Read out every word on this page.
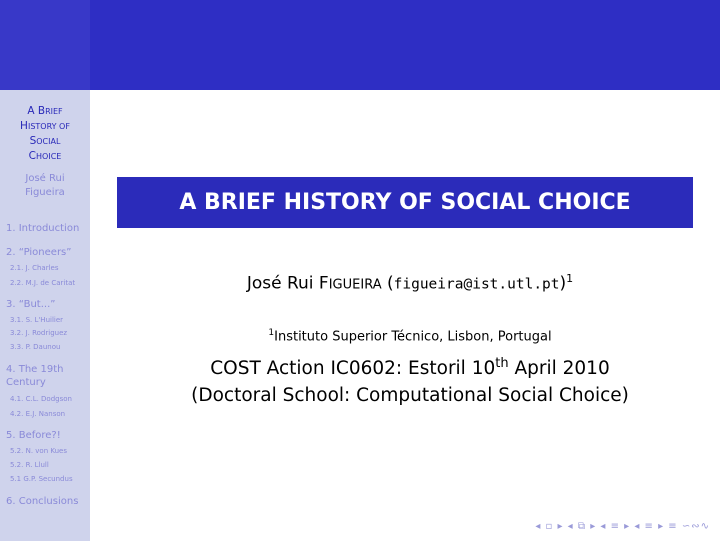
A BRIEF
HISTORY OF
SOCIAL
CHOICE
José Rui
Figueira
1. Introduction
2. “Pioneers”
2.1. J. Charles
2.2. M.J. de Caritat
3. “But...”
3.1. S. L'Huilier
3.2. J. Rodriguez
3.3. P. Daunou
4. The 19th Century
4.1. C.L. Dodgson
4.2. E.J. Nanson
5. Before?!
5.2. N. von Kues
5.2. R. Llull
5.1 G.P. Secundus
6. Conclusions
A BRIEF HISTORY OF SOCIAL CHOICE
José Rui FIGUEIRA (figueira@ist.utl.pt)$^1$
$^1$Instituto Superior Técnico, Lisbon, Portugal
COST Action IC0602: Estoril 10th April 2010
(Doctoral School: Computational Social Choice)
◂ ▫ ▸ ◂ ⧉ ▸ ◂ ≡ ▸ ◂ ≡ ▸ ≡ ∽∾∿
